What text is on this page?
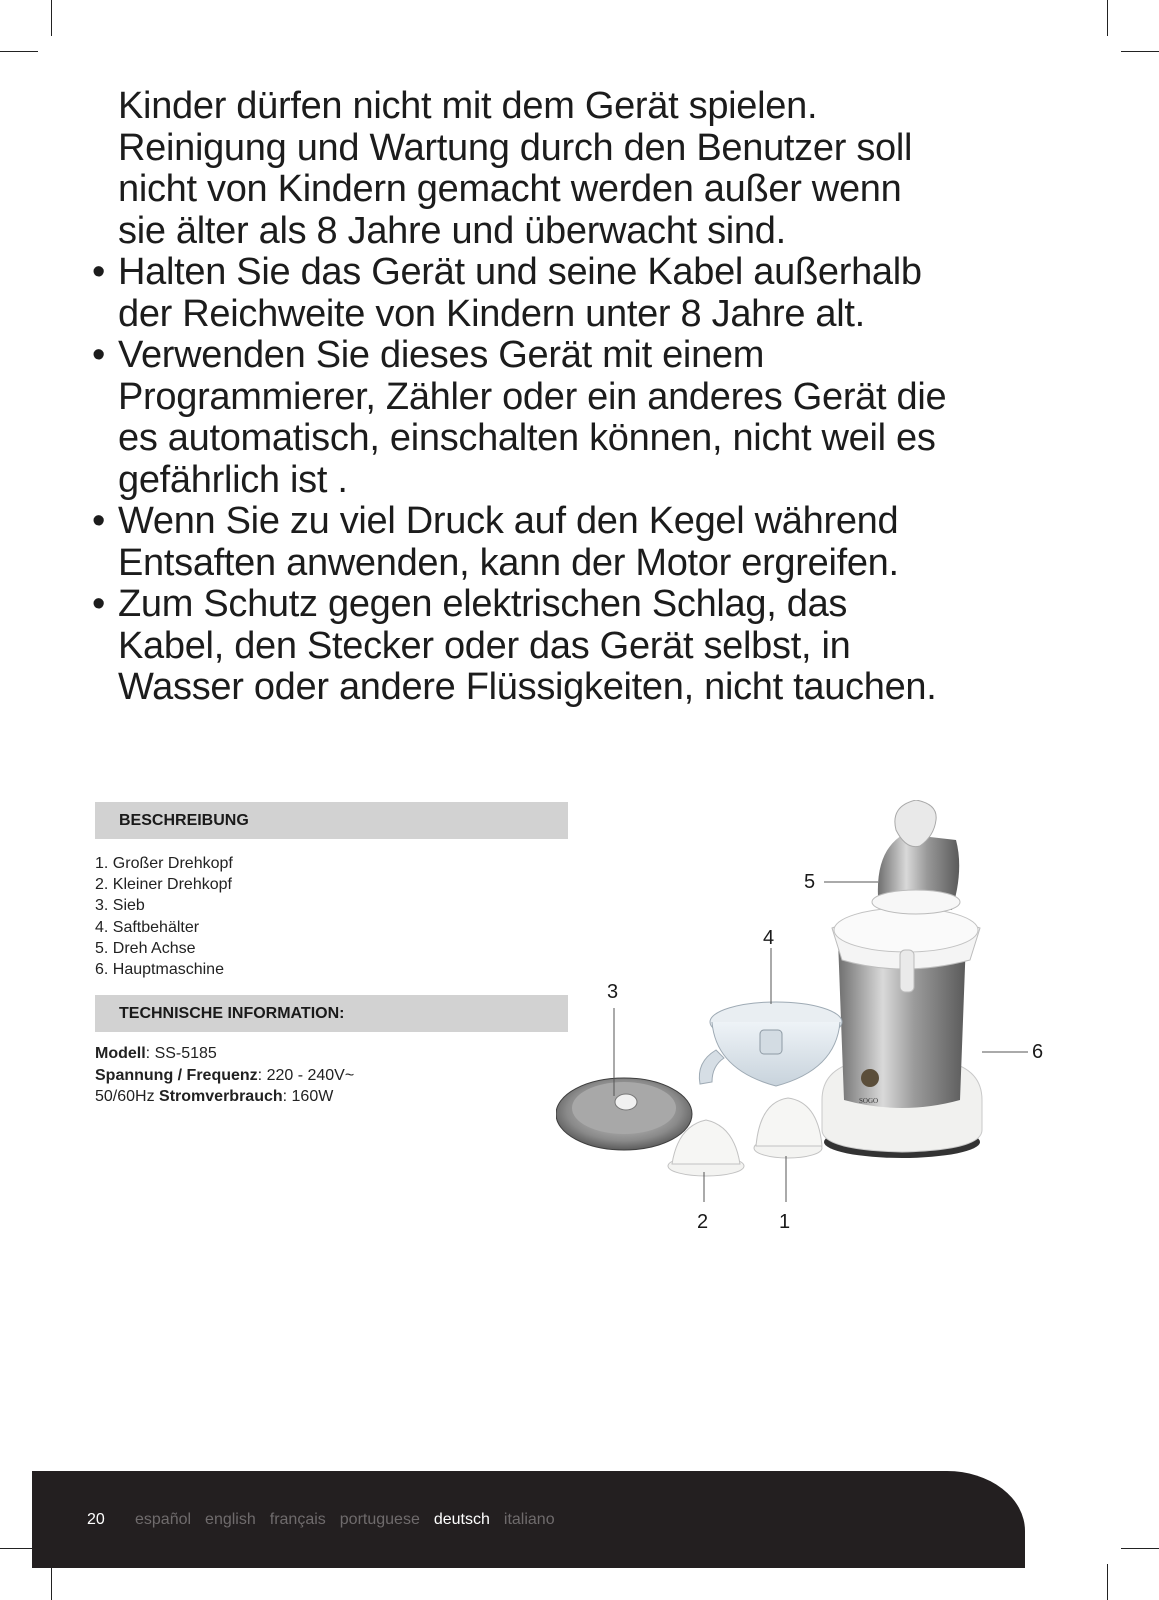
Kinder dürfen nicht mit dem Gerät spielen.
Reinigung und Wartung durch den Benutzer soll
nicht von Kindern gemacht werden außer wenn
sie älter als 8 Jahre und überwacht sind.
• Halten Sie das Gerät und seine Kabel außerhalb
der Reichweite von Kindern unter 8 Jahre alt.
• Verwenden Sie dieses Gerät mit einem
Programmierer, Zähler oder ein anderes Gerät die
es automatisch, einschalten können, nicht weil es
gefährlich ist .
• Wenn Sie zu viel Druck auf den Kegel während
Entsaften anwenden, kann der Motor ergreifen.
• Zum Schutz gegen elektrischen Schlag, das
Kabel, den Stecker oder das Gerät selbst, in
Wasser oder andere Flüssigkeiten, nicht tauchen.
BESCHREIBUNG
1. Großer Drehkopf
2. Kleiner Drehkopf
3. Sieb
4. Saftbehälter
5. Dreh Achse
6. Hauptmaschine
TECHNISCHE INFORMATION:
Modell: SS-5185
Spannung / Frequenz: 220 - 240V~
50/60Hz Stromverbrauch: 160W	SOGO
5
4
3
6
2	1
20 español english français portuguese deutsch italiano
